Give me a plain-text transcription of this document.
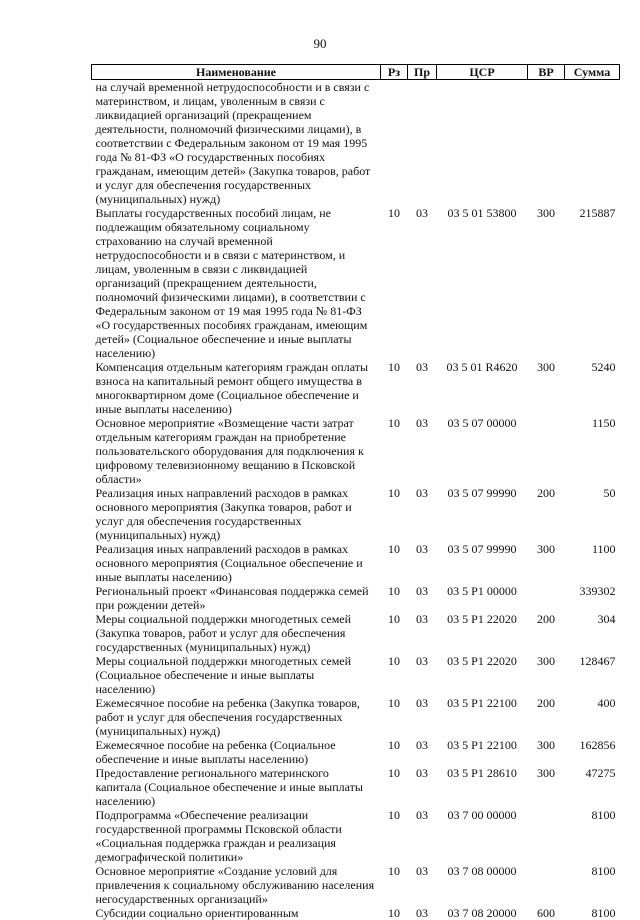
90
Наименование	Рз	Пр	ЦСР	ВР	Сумма
на случай временной нетрудоспособности и в связи с материнством, и лицам, уволенным в связи с ликвидацией организаций (прекращением деятельности, полномочий физическими лицами), в соответствии с Федеральным законом от 19 мая 1995 года № 81-ФЗ «О государственных пособиях гражданам, имеющим детей» (Закупка товаров, работ и услуг для обеспечения государственных (муниципальных) нужд)					
Выплаты государственных пособий лицам, не подлежащим обязательному социальному страхованию на случай временной нетрудоспособности и в связи с материнством, и лицам, уволенным в связи с ликвидацией организаций (прекращением деятельности, полномочий физическими лицами), в соответствии с Федеральным законом от 19 мая 1995 года № 81-ФЗ «О государственных пособиях гражданам, имеющим детей» (Социальное обеспечение и иные выплаты населению)	10	03	03 5 01 53800	300	215887
Компенсация отдельным категориям граждан оплаты взноса на капитальный ремонт общего имущества в многоквартирном доме (Социальное обеспечение и иные выплаты населению)	10	03	03 5 01 R4620	300	5240
Основное мероприятие «Возмещение части затрат отдельным категориям граждан на приобретение пользовательского оборудования для подключения к цифровому телевизионному вещанию в Псковской области»	10	03	03 5 07 00000		1150
Реализация иных направлений расходов в рамках основного мероприятия (Закупка товаров, работ и услуг для обеспечения государственных (муниципальных) нужд)	10	03	03 5 07 99990	200	50
Реализация иных направлений расходов в рамках основного мероприятия (Социальное обеспечение и иные выплаты населению)	10	03	03 5 07 99990	300	1100
Региональный проект «Финансовая поддержка семей при рождении детей»	10	03	03 5 P1 00000		339302
Меры социальной поддержки многодетных семей (Закупка товаров, работ и услуг для обеспечения государственных (муниципальных) нужд)	10	03	03 5 P1 22020	200	304
Меры социальной поддержки многодетных семей (Социальное обеспечение и иные выплаты населению)	10	03	03 5 P1 22020	300	128467
Ежемесячное пособие на ребенка (Закупка товаров, работ и услуг для обеспечения государственных (муниципальных) нужд)	10	03	03 5 P1 22100	200	400
Ежемесячное пособие на ребенка (Социальное обеспечение и иные выплаты населению)	10	03	03 5 P1 22100	300	162856
Предоставление регионального материнского капитала (Социальное обеспечение и иные выплаты населению)	10	03	03 5 P1 28610	300	47275
Подпрограмма «Обеспечение реализации государственной программы Псковской области «Социальная поддержка граждан и реализация демографической политики»	10	03	03 7 00 00000		8100
Основное мероприятие «Создание условий для привлечения к социальному обслуживанию населения негосударственных организаций»	10	03	03 7 08 00000		8100
Субсидии социально ориентированным	10	03	03 7 08 20000	600	8100
